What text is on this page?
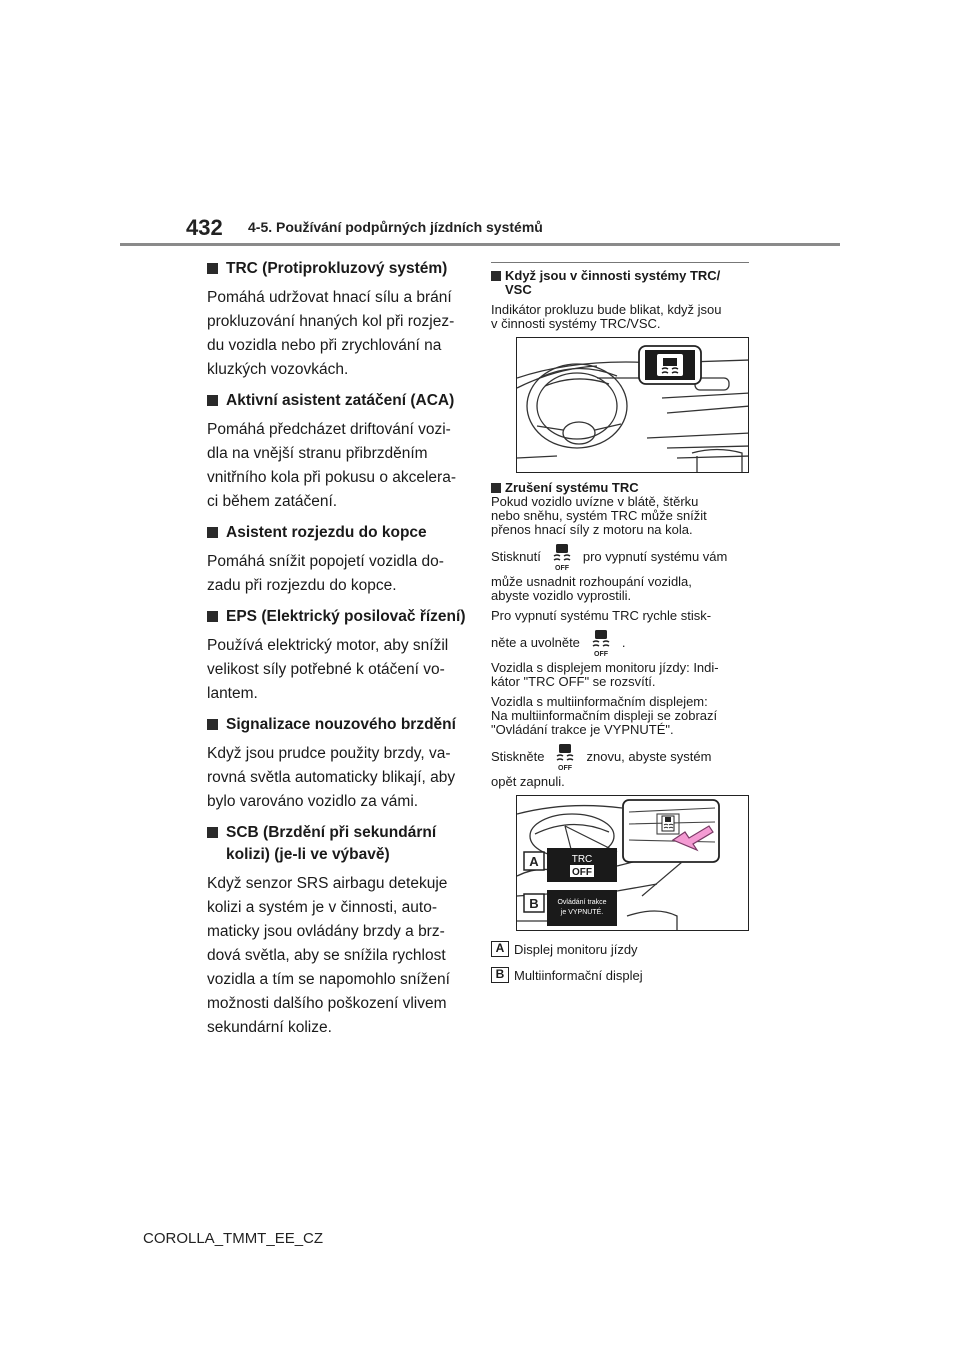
432 4-5. Používání podpůrných jízdních systémů
TRC (Protiprokluzový systém)

Pomáhá udržovat hnací sílu a brání
prokluzování hnaných kol při rozjez-
du vozidla nebo při zrychlování na
kluzkých vozovkách.

Aktivní asistent zatáčení (ACA)

Pomáhá předcházet driftování vozi-
dla na vnější stranu přibrzděním
vnitřního kola při pokusu o akcelera-
ci během zatáčení.

Asistent rozjezdu do kopce

Pomáhá snížit popojetí vozidla do-
zadu při rozjezdu do kopce.

EPS (Elektrický posilovač řízení)

Používá elektrický motor, aby snížil
velikost síly potřebné k otáčení vo-
lantem.

Signalizace nouzového brzdění

Když jsou prudce použity brzdy, va-
rovná světla automaticky blikají, aby
bylo varováno vozidlo za vámi.

SCB (Brzdění při sekundární
kolizi) (je-li ve výbavě)

Když senzor SRS airbagu detekuje
kolizi a systém je v činnosti, auto-
maticky jsou ovládány brzdy a brz-
dová světla, aby se snížila rychlost
vozidla a tím se napomohlo snížení
možnosti dalšího poškození vlivem
sekundární kolize.

Když jsou v činnosti systémy TRC/
VSC

Indikátor prokluzu bude blikat, když jsou
v činnosti systémy TRC/VSC.

Zrušení systému TRC

Pokud vozidlo uvízne v blátě, štěrku
nebo sněhu, systém TRC může snížit
přenos hnací síly z motoru na kola.

Stisknutí
OFF
pro vypnutí systému vám

může usnadnit rozhoupání vozidla,
abyste vozidlo vyprostili.

Pro vypnutí systému TRC rychle stisk-

něte a uvolněte
OFF
.

Vozidla s displejem monitoru jízdy: Indi-
kátor "TRC OFF" se rozsvítí.

Vozidla s multiinformačním displejem:
Na multiinformačním displeji se zobrazí
"Ovládání trakce je VYPNUTÉ".

Stiskněte
OFF
znovu, abyste systém

opět zapnuli.

A	TRC
OFF
B	Ovládání trakce
je VYPNUTÉ.
A Displej monitoru jízdy
B Multiinformační displej
COROLLA_TMMT_EE_CZ
